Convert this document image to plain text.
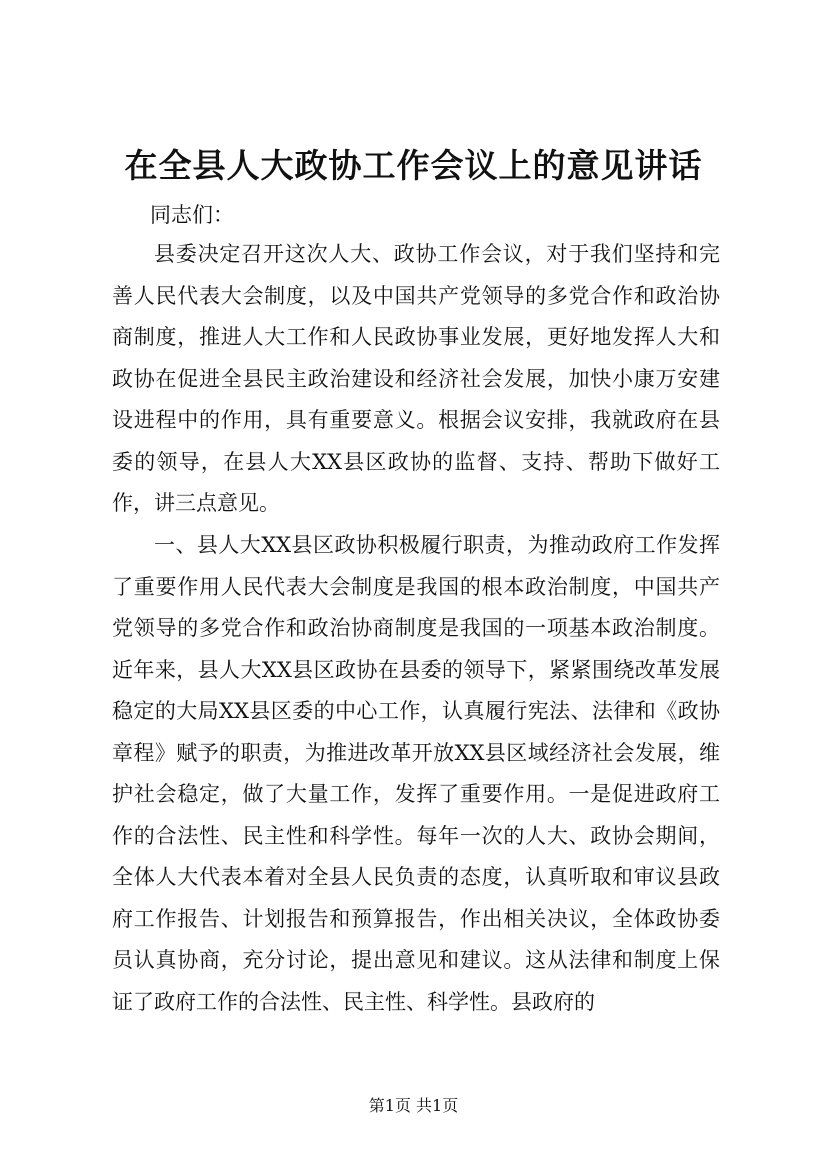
在全县人大政协工作会议上的意见讲话

同志们：

县委决定召开这次人大、政协工作会议，对于我们坚持和完善人民代表大会制度，以及中国共产党领导的多党合作和政治协商制度，推进人大工作和人民政协事业发展，更好地发挥人大和政协在促进全县民主政治建设和经济社会发展，加快小康万安建设进程中的作用，具有重要意义。根据会议安排，我就政府在县委的领导，在县人大XX县区政协的监督、支持、帮助下做好工作，讲三点意见。

一、县人大XX县区政协积极履行职责，为推动政府工作发挥了重要作用人民代表大会制度是我国的根本政治制度，中国共产党领导的多党合作和政治协商制度是我国的一项基本政治制度。近年来，县人大XX县区政协在县委的领导下，紧紧围绕改革发展稳定的大局XX县区委的中心工作，认真履行宪法、法律和《政协章程》赋予的职责，为推进改革开放XX县区域经济社会发展，维护社会稳定，做了大量工作，发挥了重要作用。一是促进政府工作的合法性、民主性和科学性。每年一次的人大、政协会期间，全体人大代表本着对全县人民负责的态度，认真听取和审议县政府工作报告、计划报告和预算报告，作出相关决议，全体政协委员认真协商，充分讨论，提出意见和建议。这从法律和制度上保证了政府工作的合法性、民主性、科学性。县政府的

第1页 共1页
